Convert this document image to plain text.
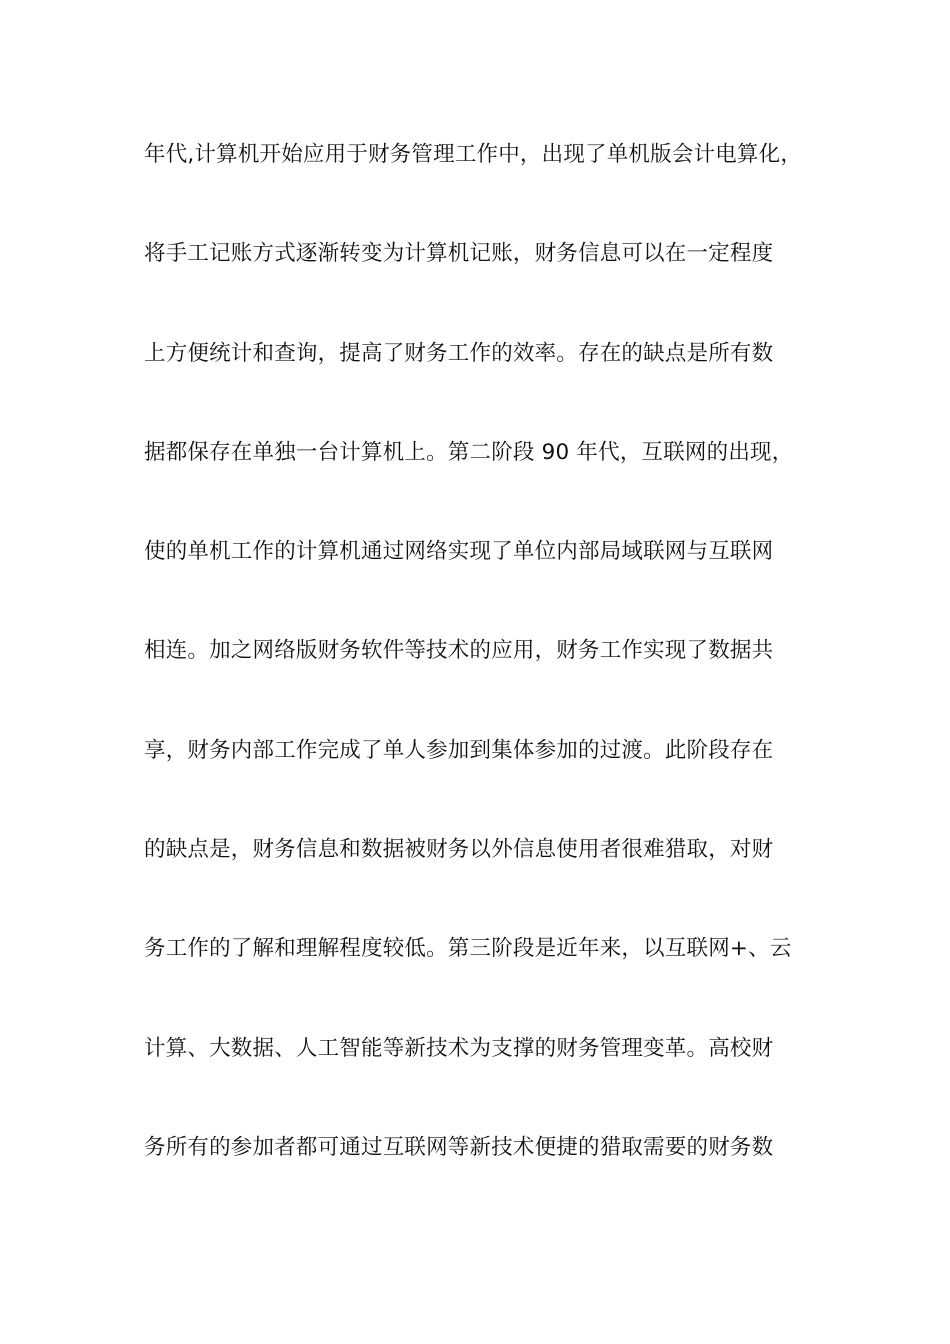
年代,计算机开始应用于财务管理工作中，出现了单机版会计电算化，
将手工记账方式逐渐转变为计算机记账，财务信息可以在一定程度
上方便统计和查询，提高了财务工作的效率。存在的缺点是所有数
据都保存在单独一台计算机上。第二阶段 90 年代，互联网的出现，
使的单机工作的计算机通过网络实现了单位内部局域联网与互联网
相连。加之网络版财务软件等技术的应用，财务工作实现了数据共
享，财务内部工作完成了单人参加到集体参加的过渡。此阶段存在
的缺点是，财务信息和数据被财务以外信息使用者很难猎取，对财
务工作的了解和理解程度较低。第三阶段是近年来，以互联网+、云
计算、大数据、人工智能等新技术为支撑的财务管理变革。高校财
务所有的参加者都可通过互联网等新技术便捷的猎取需要的财务数
